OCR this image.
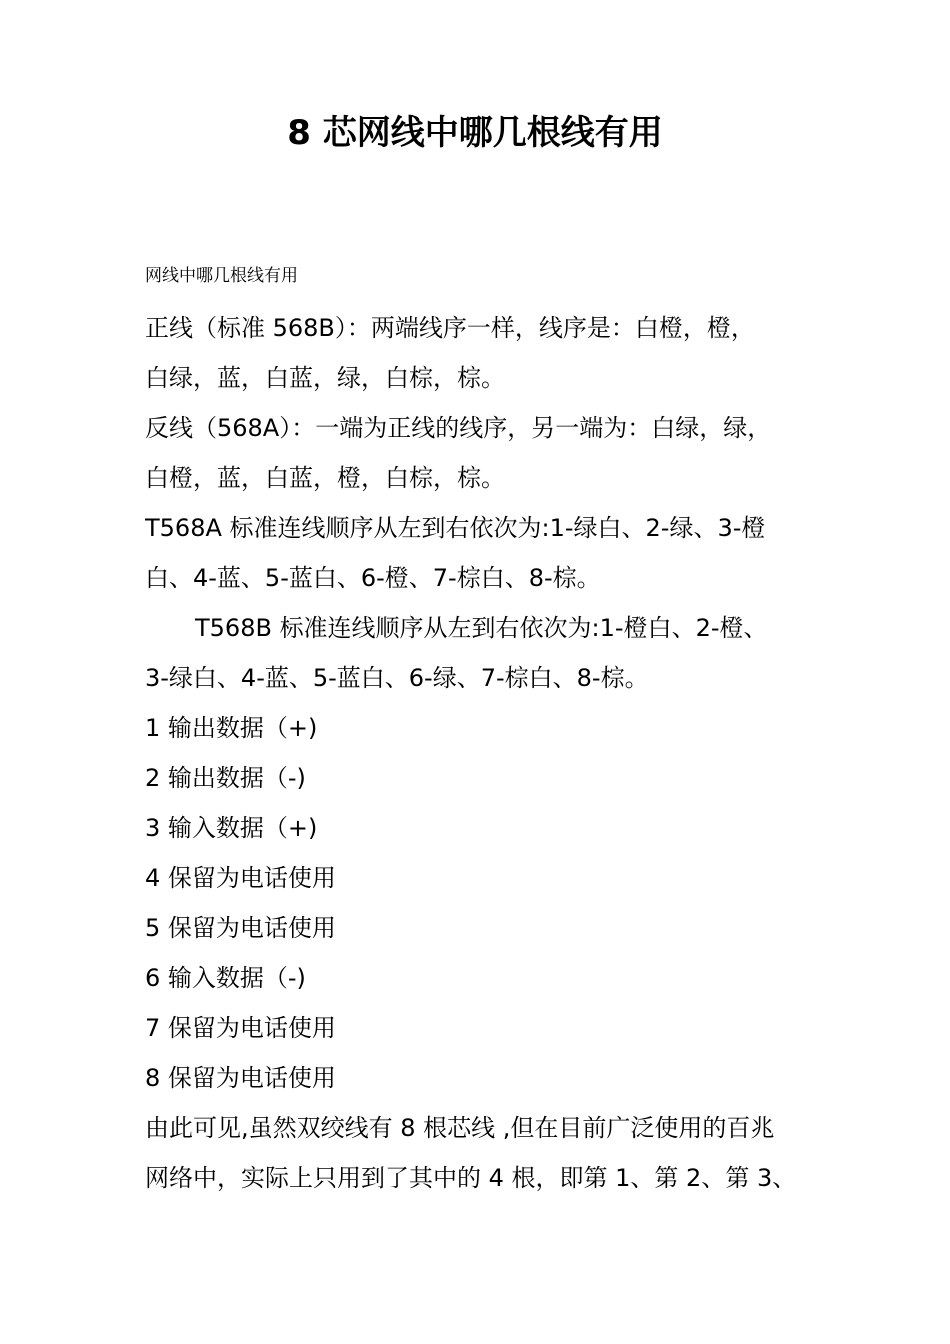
8 芯网线中哪几根线有用
网线中哪几根线有用

正线（标准 568B）：两端线序一样，线序是：白橙，橙，

白绿，蓝，白蓝，绿，白棕，棕。

反线（568A）：一端为正线的线序，另一端为：白绿，绿，

白橙，蓝，白蓝，橙，白棕，棕。

T568A 标准连线顺序从左到右依次为:1-绿白、2-绿、3-橙

白、4-蓝、5-蓝白、6-橙、7-棕白、8-棕。

T568B 标准连线顺序从左到右依次为:1-橙白、2-橙、

3-绿白、4-蓝、5-蓝白、6-绿、7-棕白、8-棕。

1 输出数据（+)

2 输出数据（-)

3 输入数据（+)

4 保留为电话使用

5 保留为电话使用

6 输入数据（-)

7 保留为电话使用

8 保留为电话使用

由此可见,虽然双绞线有 8 根芯线 ,但在目前广泛使用的百兆

网络中，实际上只用到了其中的 4 根，即第 1、第 2、第 3、
